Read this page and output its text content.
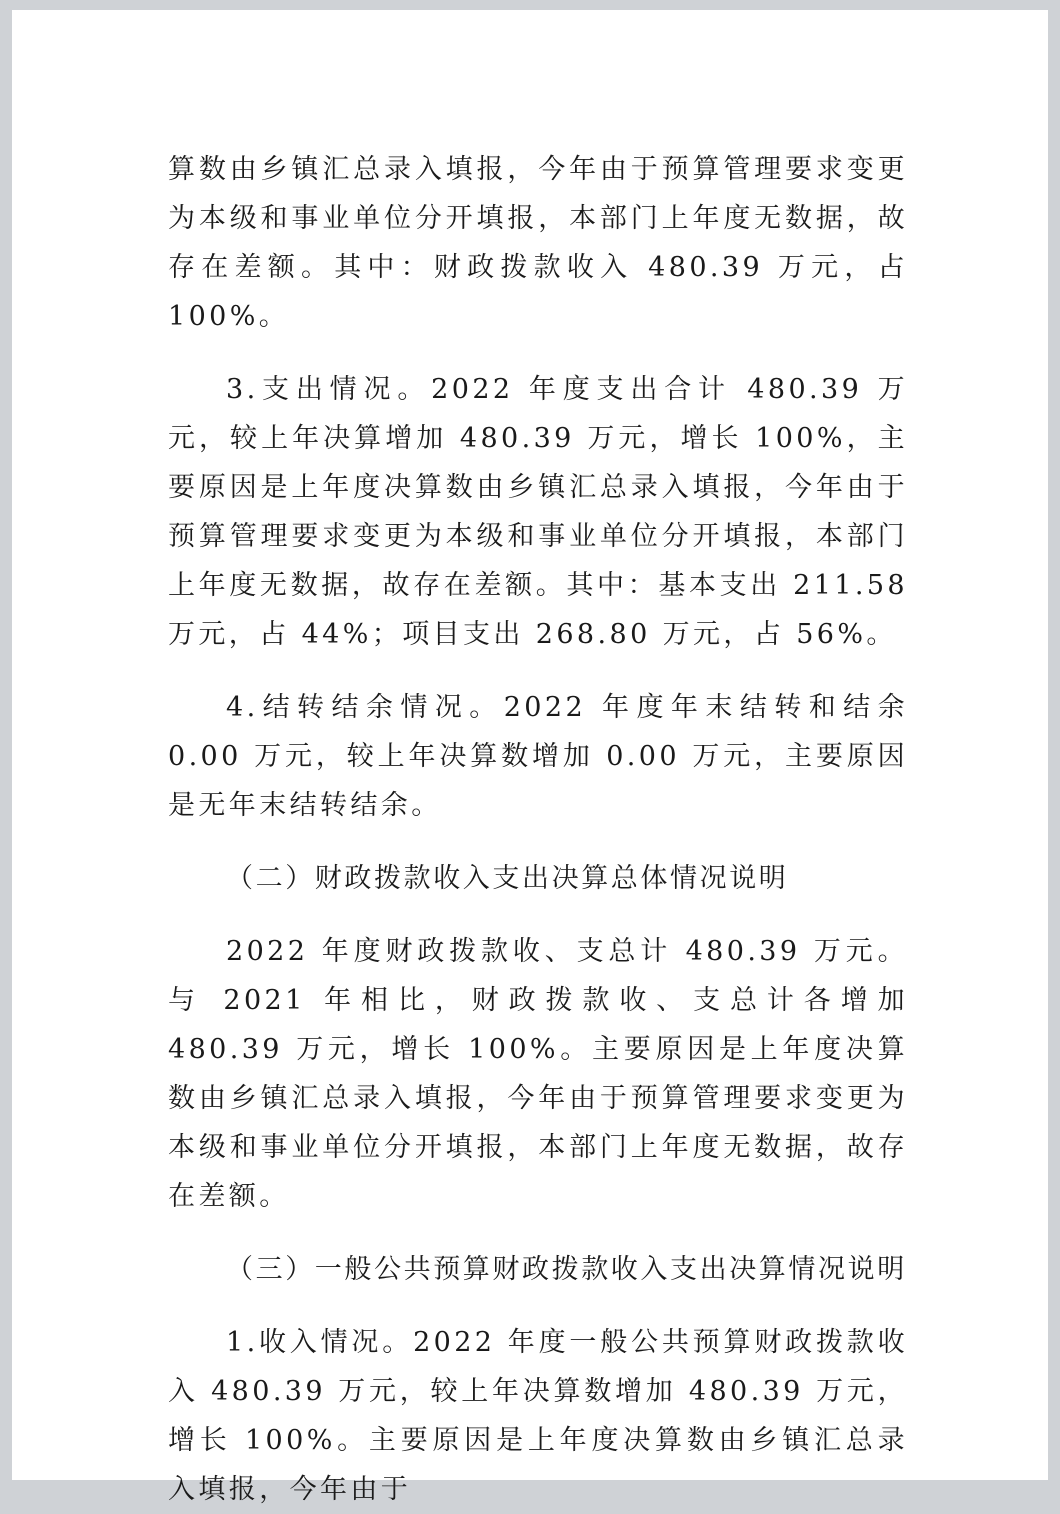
算数由乡镇汇总录入填报，今年由于预算管理要求变更为本级和事业单位分开填报，本部门上年度无数据，故存在差额。其中：财政拨款收入 480.39 万元，占 100%。

3.支出情况。2022 年度支出合计 480.39 万元，较上年决算增加 480.39 万元，增长 100%，主要原因是上年度决算数由乡镇汇总录入填报，今年由于预算管理要求变更为本级和事业单位分开填报，本部门上年度无数据，故存在差额。其中：基本支出 211.58 万元，占 44%；项目支出 268.80 万元，占 56%。

4.结转结余情况。2022 年度年末结转和结余 0.00 万元，较上年决算数增加 0.00 万元，主要原因是无年末结转结余。

（二）财政拨款收入支出决算总体情况说明

2022 年度财政拨款收、支总计 480.39 万元。与 2021 年相比，财政拨款收、支总计各增加 480.39 万元，增长 100%。主要原因是上年度决算数由乡镇汇总录入填报，今年由于预算管理要求变更为本级和事业单位分开填报，本部门上年度无数据，故存在差额。

（三）一般公共预算财政拨款收入支出决算情况说明

1.收入情况。2022 年度一般公共预算财政拨款收入 480.39 万元，较上年决算数增加 480.39 万元，增长 100%。主要原因是上年度决算数由乡镇汇总录入填报，今年由于
